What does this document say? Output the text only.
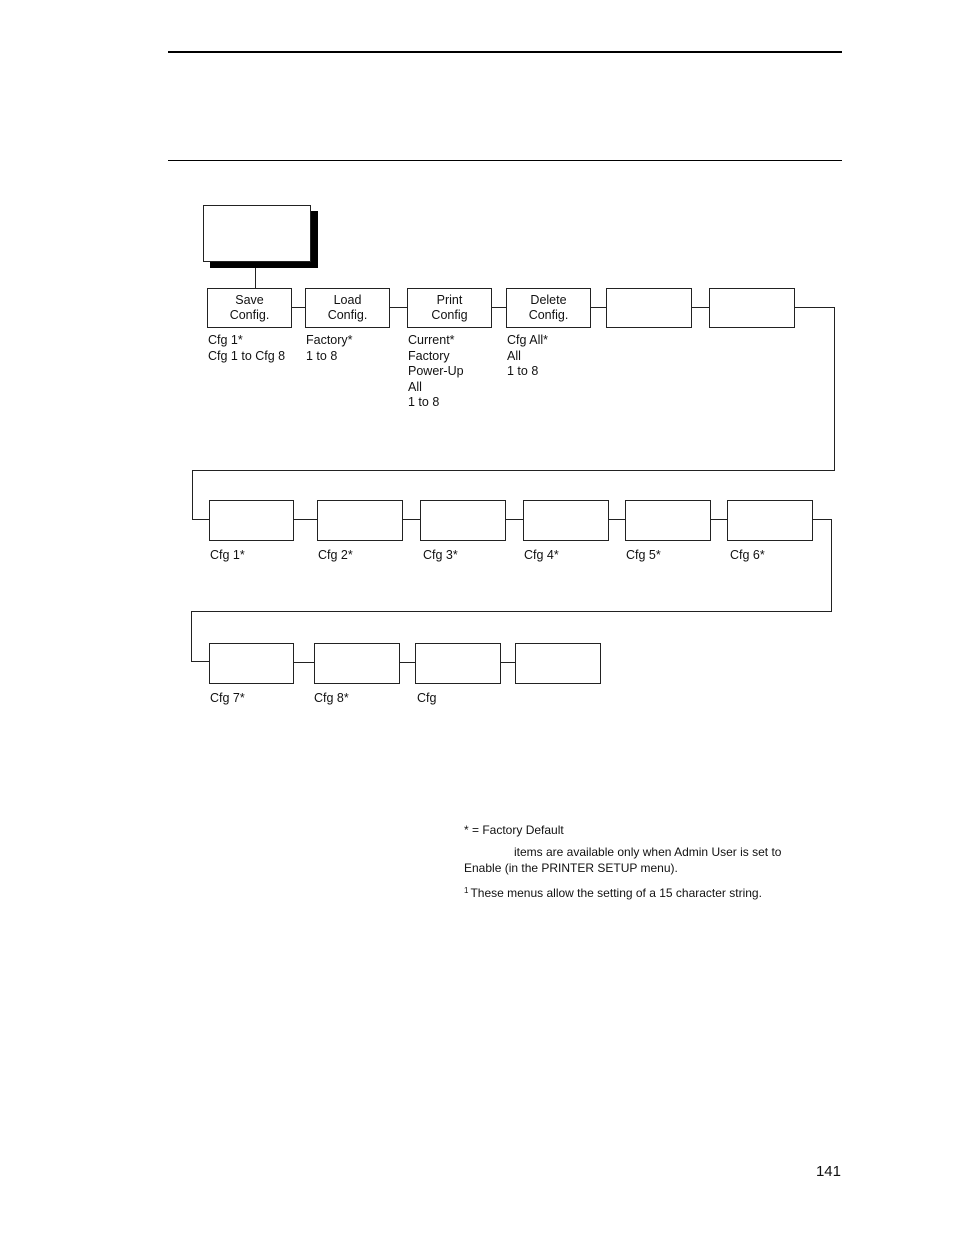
Save
Config.
Load
Config.
Print
Config
Delete
Config.
Cfg 1*
Cfg 1 to Cfg 8
Factory*
1 to 8
Current*
Factory
Power-Up
All
1 to 8
Cfg All*
All
1 to 8
Cfg 1*	Cfg 2*	Cfg 3*	Cfg 4*	Cfg 5*	Cfg 6*
Cfg 7*	Cfg 8*	Cfg
* = Factory Default
items are available only when Admin User is set to Enable (in the PRINTER SETUP menu).
$^1$ These menus allow the setting of a 15 character string.
141
